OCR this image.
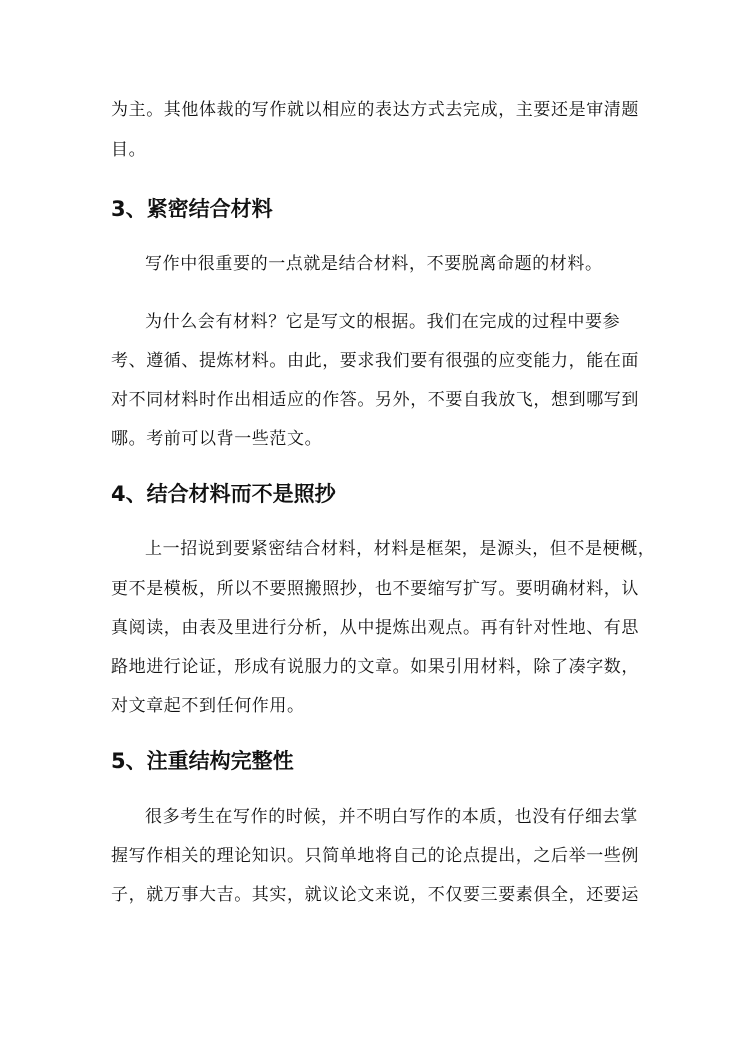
为主。其他体裁的写作就以相应的表达方式去完成，主要还是审清题
目。
3、紧密结合材料
写作中很重要的一点就是结合材料，不要脱离命题的材料。
为什么会有材料？它是写文的根据。我们在完成的过程中要参
考、遵循、提炼材料。由此，要求我们要有很强的应变能力，能在面
对不同材料时作出相适应的作答。另外，不要自我放飞，想到哪写到
哪。考前可以背一些范文。
4、结合材料而不是照抄
上一招说到要紧密结合材料，材料是框架，是源头，但不是梗概，
更不是模板，所以不要照搬照抄，也不要缩写扩写。要明确材料，认
真阅读，由表及里进行分析，从中提炼出观点。再有针对性地、有思
路地进行论证，形成有说服力的文章。如果引用材料，除了凑字数，
对文章起不到任何作用。
5、注重结构完整性
很多考生在写作的时候，并不明白写作的本质，也没有仔细去掌
握写作相关的理论知识。只简单地将自己的论点提出，之后举一些例
子，就万事大吉。其实，就议论文来说，不仅要三要素俱全，还要运
